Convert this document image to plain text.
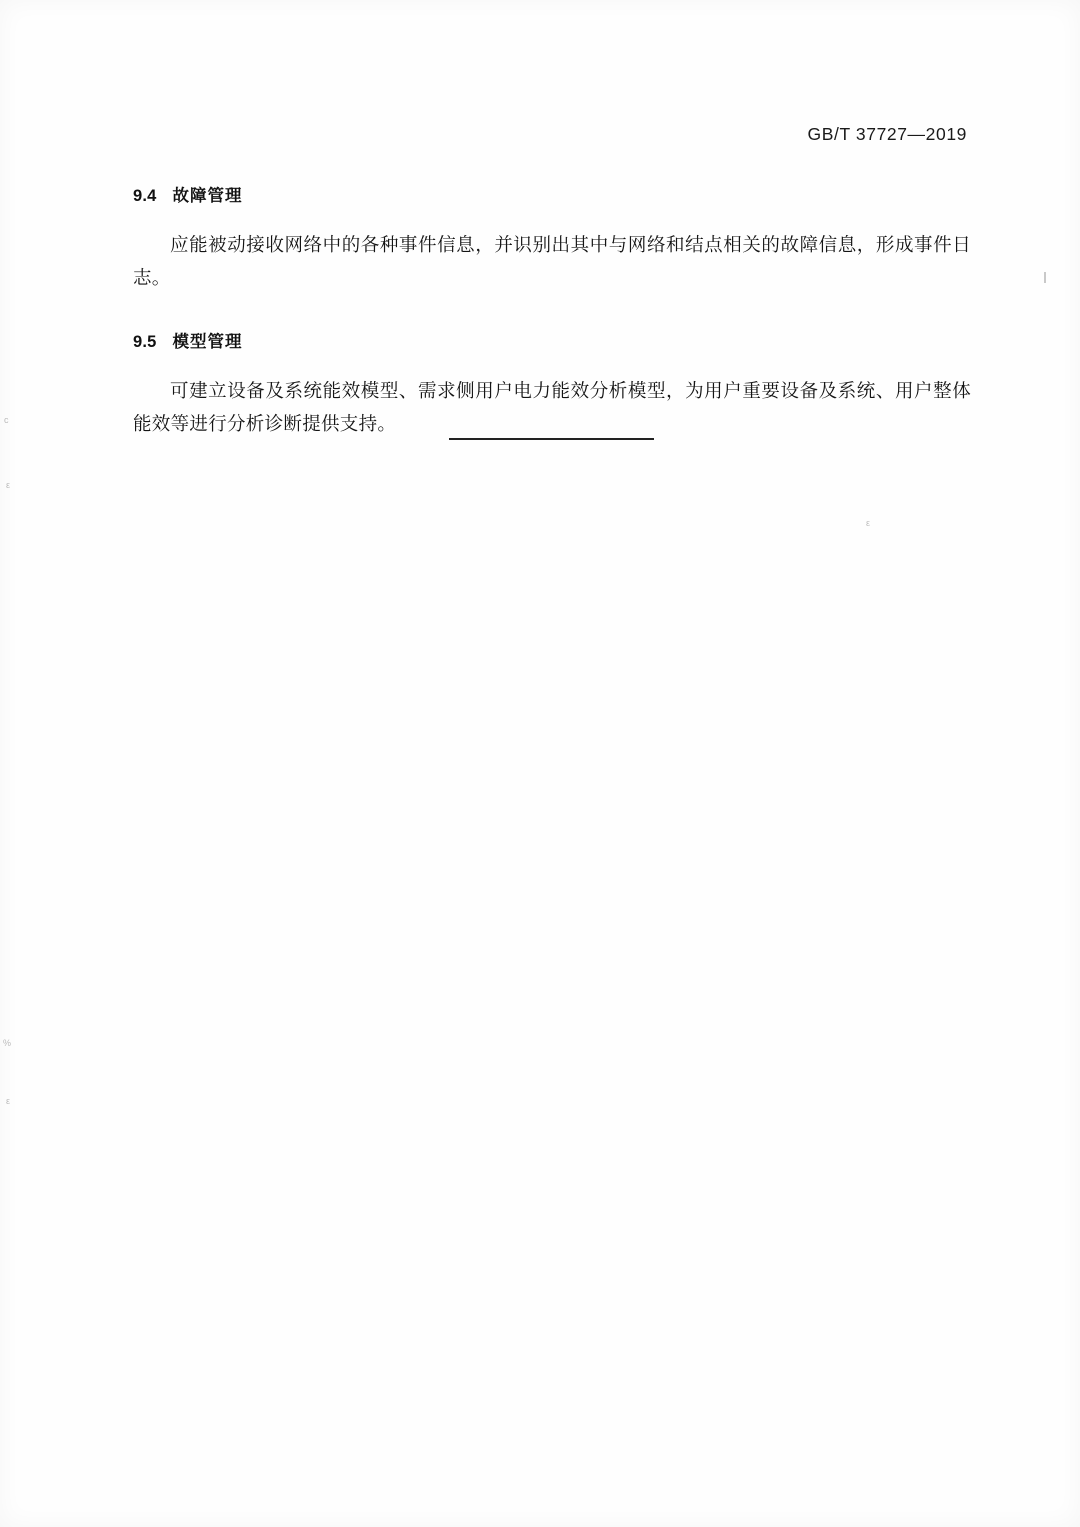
GB/T 37727—2019
9.4 故障管理

应能被动接收网络中的各种事件信息，并识别出其中与网络和结点相关的故障信息，形成事件日志。

9.5 模型管理

可建立设备及系统能效模型、需求侧用户电力能效分析模型，为用户重要设备及系统、用户整体能效等进行分析诊断提供支持。

c
ε
%
ε
ε
